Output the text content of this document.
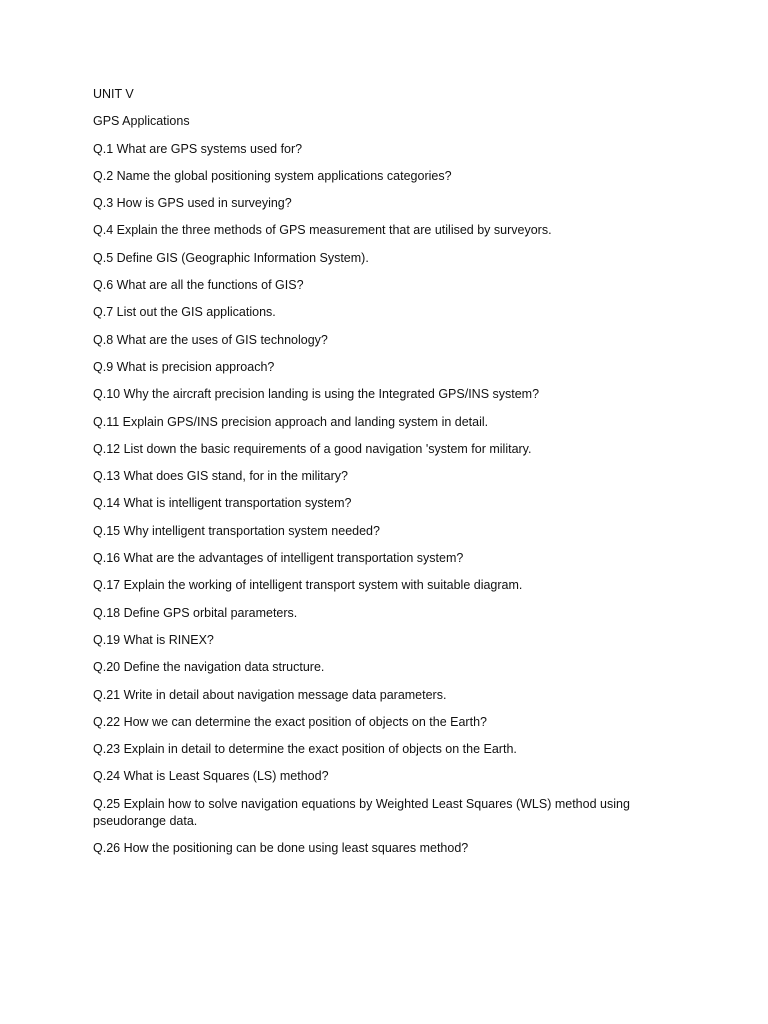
UNIT V
GPS Applications
Q.1 What are GPS systems used for?
Q.2 Name the global positioning system applications categories?
Q.3 How is GPS used in surveying?
Q.4 Explain the three methods of GPS measurement that are utilised by surveyors.
Q.5 Define GIS (Geographic Information System).
Q.6 What are all the functions of GIS?
Q.7 List out the GIS applications.
Q.8 What are the uses of GIS technology?
Q.9 What is precision approach?
Q.10 Why the aircraft precision landing is using the Integrated GPS/INS system?
Q.11 Explain GPS/INS precision approach and landing system in detail.
Q.12 List down the basic requirements of a good navigation 'system for military.
Q.13 What does GIS stand, for in the military?
Q.14 What is intelligent transportation system?
Q.15 Why intelligent transportation system needed?
Q.16 What are the advantages of intelligent transportation system?
Q.17 Explain the working of intelligent transport system with suitable diagram.
Q.18 Define GPS orbital parameters.
Q.19 What is RINEX?
Q.20 Define the navigation data structure.
Q.21 Write in detail about navigation message data parameters.
Q.22 How we can determine the exact position of objects on the Earth?
Q.23 Explain in detail to determine the exact position of objects on the Earth.
Q.24 What is Least Squares (LS) method?
Q.25 Explain how to solve navigation equations by Weighted Least Squares (WLS) method using pseudorange data.
Q.26 How the positioning can be done using least squares method?
